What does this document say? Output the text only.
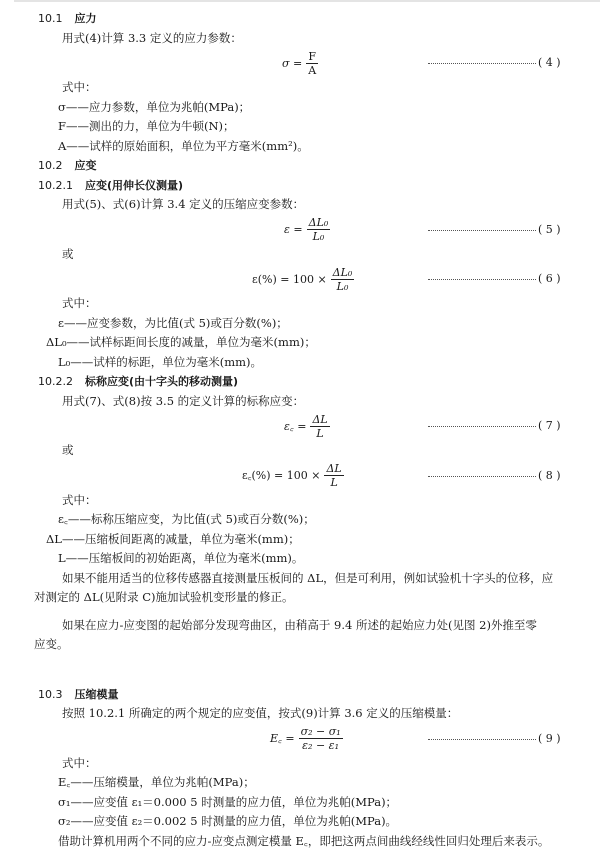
10.1 应力
用式(4)计算 3.3 定义的应力参数：
σ
= $\frac{F}{A}$	( 4 )
式中：
σ——应力参数，单位为兆帕(MPa)；
F——测出的力，单位为牛顿(N)；
A——试样的原始面积，单位为平方毫米(mm²)。
10.2 应变
10.2.1 应变(用伸长仪测量)
用式(5)、式(6)计算 3.4 定义的压缩应变参数：
ε
= $\frac{\text{ΔL₀}}{\text{L₀}}$	( 5 )
或
ε(%)
= $100 \times \frac{\text{ΔL₀}}{\text{L₀}}$	( 6 )
式中：
ε——应变参数，为比值(式 5)或百分数(%)；
ΔL₀——试样标距间长度的减量，单位为毫米(mm)；
L₀——试样的标距，单位为毫米(mm)。
10.2.2 标称应变(由十字头的移动测量)
用式(7)、式(8)按 3.5 的定义计算的标称应变：
ε꜀
= $\frac{\Delta L}{L}$	( 7 )
或
ε꜀(%)
= $100 \times \frac{\Delta L}{L}$	( 8 )
式中：
ε꜀——标称压缩应变，为比值(式 5)或百分数(%)；
ΔL——压缩板间距离的减量，单位为毫米(mm)；
L——压缩板间的初始距离，单位为毫米(mm)。
如果不能用适当的位移传感器直接测量压板间的 ΔL，但是可利用，例如试验机十字头的位移，应
对测定的 ΔL(见附录 C)施加试验机变形量的修正。
如果在应力-应变图的起始部分发现弯曲区，由稍高于 9.4 所述的起始应力处(见图 2)外推至零
应变。
10.3 压缩模量
按照 10.2.1 所确定的两个规定的应变值，按式(9)计算 3.6 定义的压缩模量：
E꜀
= $\frac{\text{σ₂ − σ₁}}{\text{ε₂ − ε₁}}$	( 9 )
式中：
E꜀——压缩模量，单位为兆帕(MPa)；
σ₁——应变值 ε₁＝0.000 5 时测量的应力值，单位为兆帕(MPa)；
σ₂——应变值 ε₂＝0.002 5 时测量的应力值，单位为兆帕(MPa)。
借助计算机用两个不同的应力-应变点测定模量 E꜀，即把这两点间曲线经线性回归处理后来表示。
